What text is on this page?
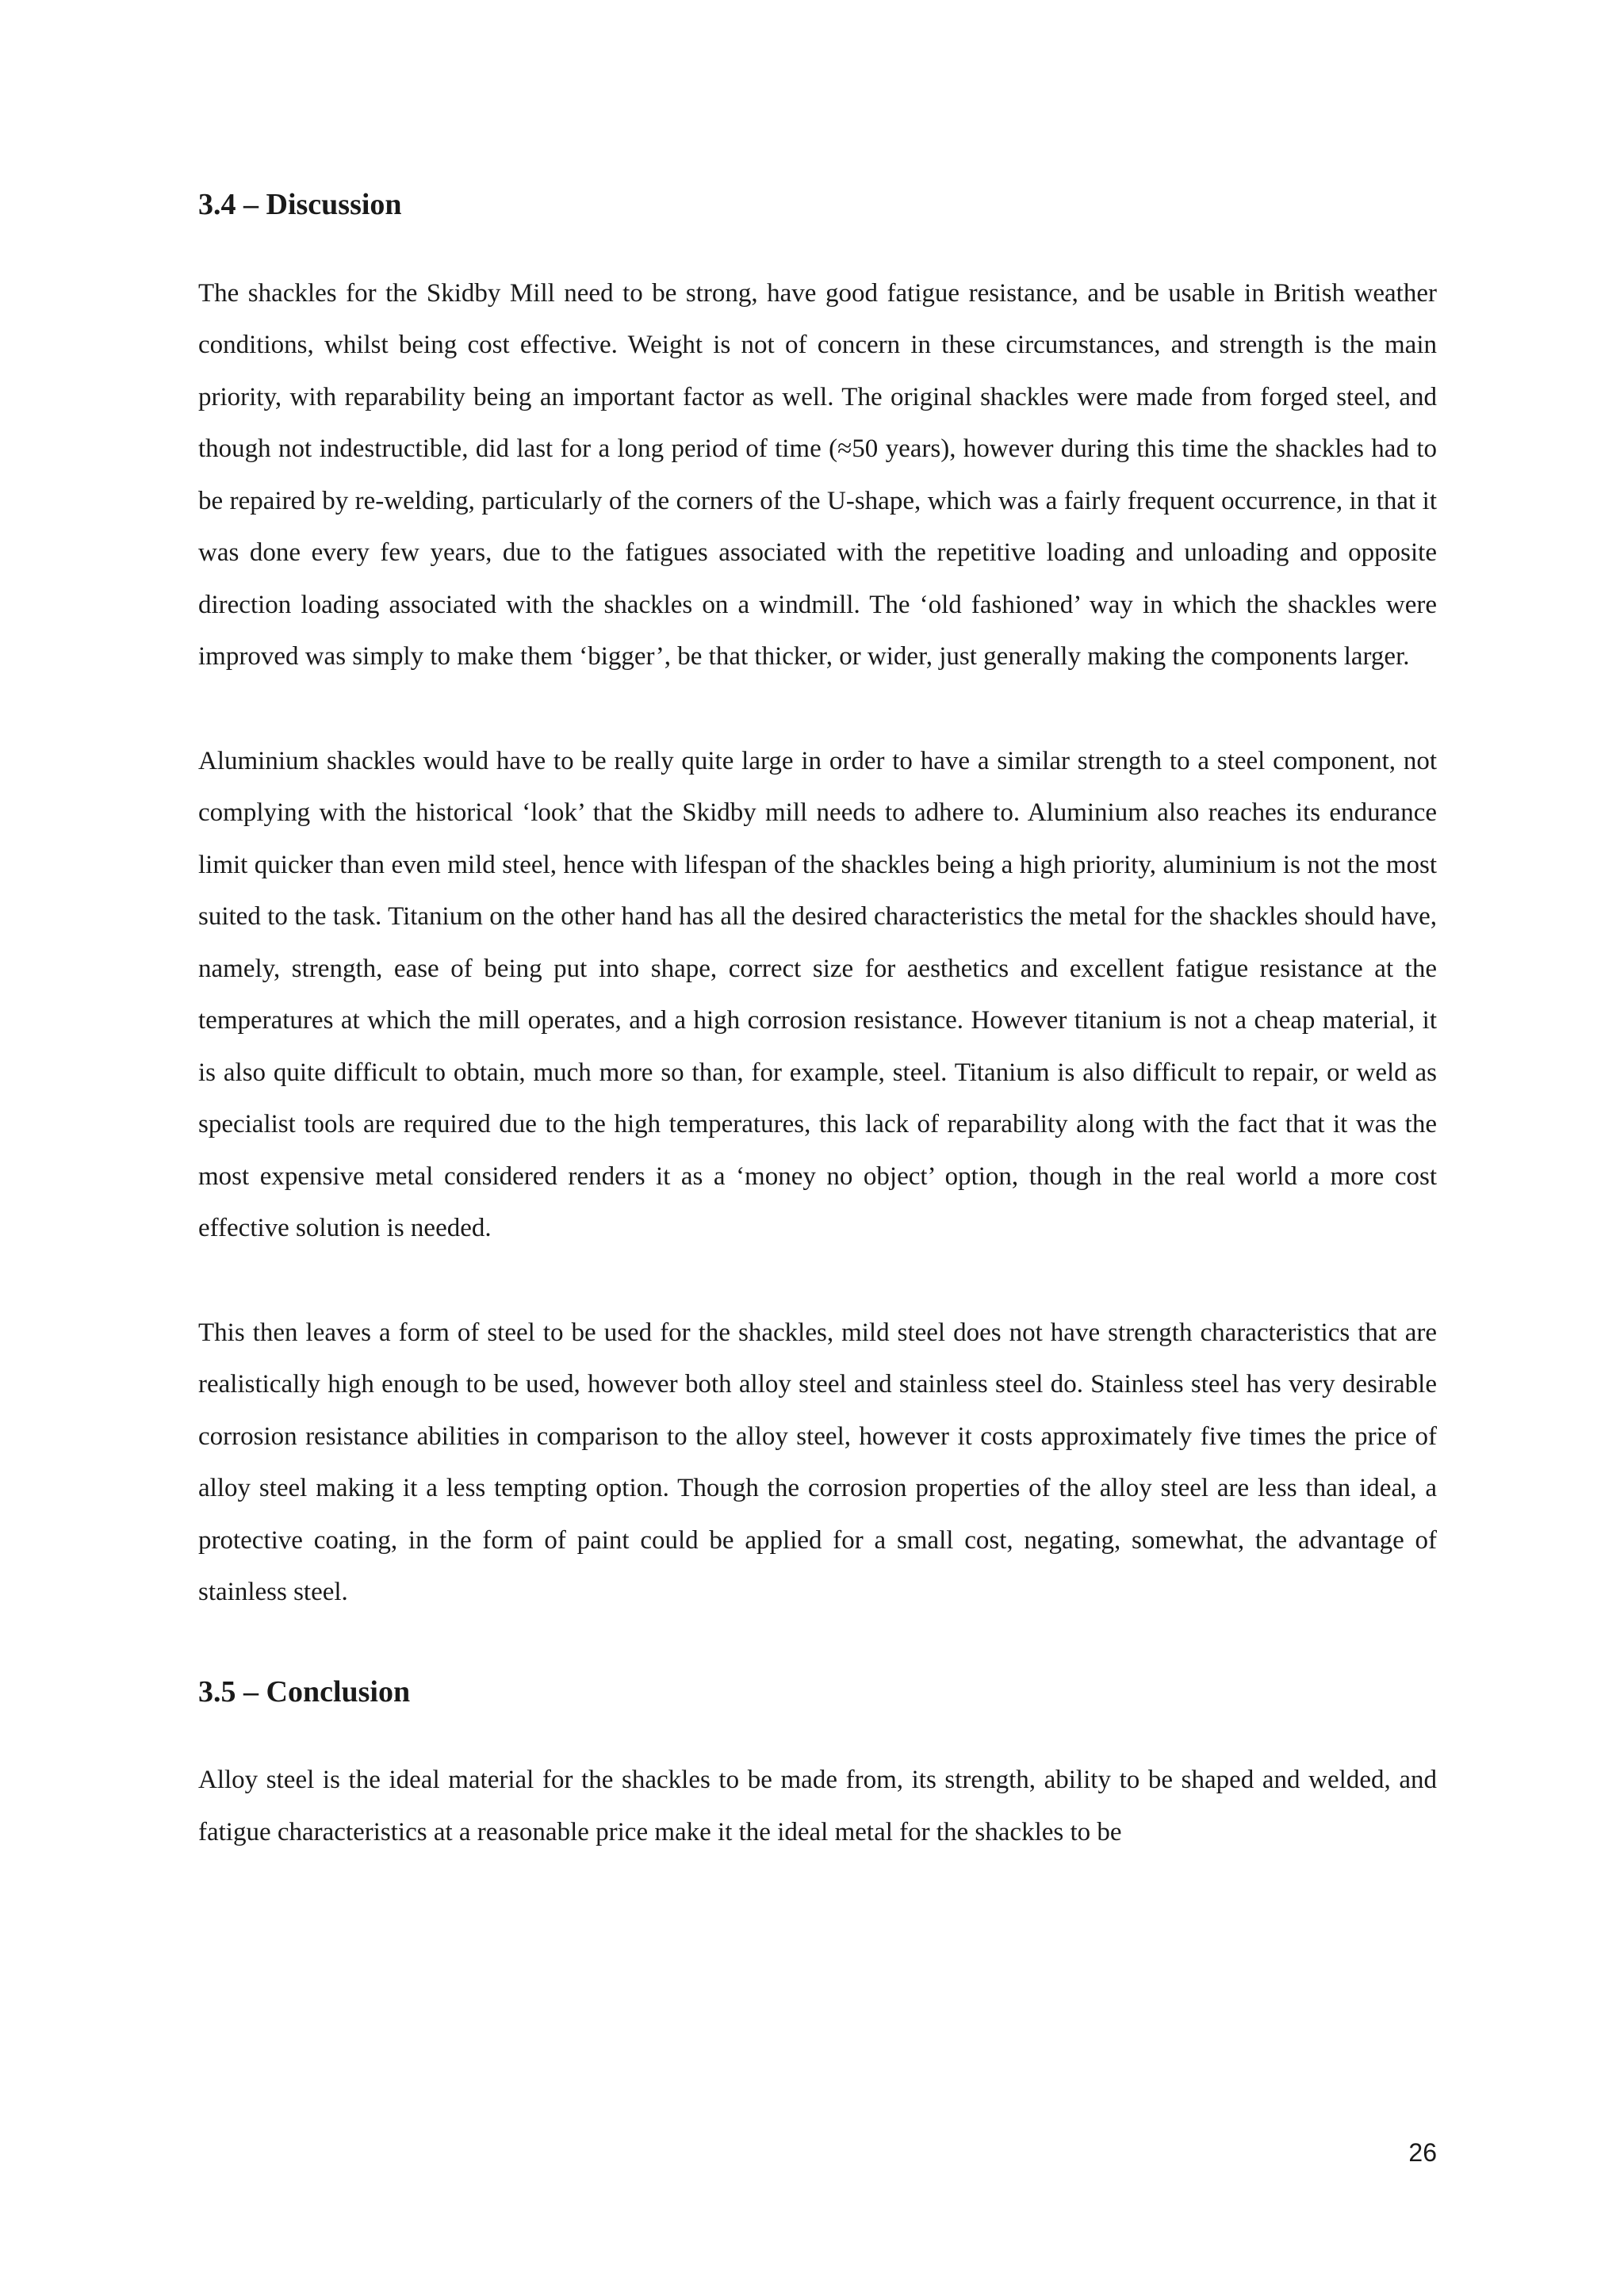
3.4 – Discussion

The shackles for the Skidby Mill need to be strong, have good fatigue resistance, and be usable in British weather conditions, whilst being cost effective. Weight is not of concern in these circumstances, and strength is the main priority, with reparability being an important factor as well. The original shackles were made from forged steel, and though not indestructible, did last for a long period of time (≈50 years), however during this time the shackles had to be repaired by re-welding, particularly of the corners of the U-shape, which was a fairly frequent occurrence, in that it was done every few years, due to the fatigues associated with the repetitive loading and unloading and opposite direction loading associated with the shackles on a windmill. The ‘old fashioned’ way in which the shackles were improved was simply to make them ‘bigger’, be that thicker, or wider, just generally making the components larger.

Aluminium shackles would have to be really quite large in order to have a similar strength to a steel component, not complying with the historical ‘look’ that the Skidby mill needs to adhere to. Aluminium also reaches its endurance limit quicker than even mild steel, hence with lifespan of the shackles being a high priority, aluminium is not the most suited to the task. Titanium on the other hand has all the desired characteristics the metal for the shackles should have, namely, strength, ease of being put into shape, correct size for aesthetics and excellent fatigue resistance at the temperatures at which the mill operates, and a high corrosion resistance. However titanium is not a cheap material, it is also quite difficult to obtain, much more so than, for example, steel. Titanium is also difficult to repair, or weld as specialist tools are required due to the high temperatures, this lack of reparability along with the fact that it was the most expensive metal considered renders it as a ‘money no object’ option, though in the real world a more cost effective solution is needed.

This then leaves a form of steel to be used for the shackles, mild steel does not have strength characteristics that are realistically high enough to be used, however both alloy steel and stainless steel do. Stainless steel has very desirable corrosion resistance abilities in comparison to the alloy steel, however it costs approximately five times the price of alloy steel making it a less tempting option. Though the corrosion properties of the alloy steel are less than ideal, a protective coating, in the form of paint could be applied for a small cost, negating, somewhat, the advantage of stainless steel.

3.5 – Conclusion

Alloy steel is the ideal material for the shackles to be made from, its strength, ability to be shaped and welded, and fatigue characteristics at a reasonable price make it the ideal metal for the shackles to be

26
